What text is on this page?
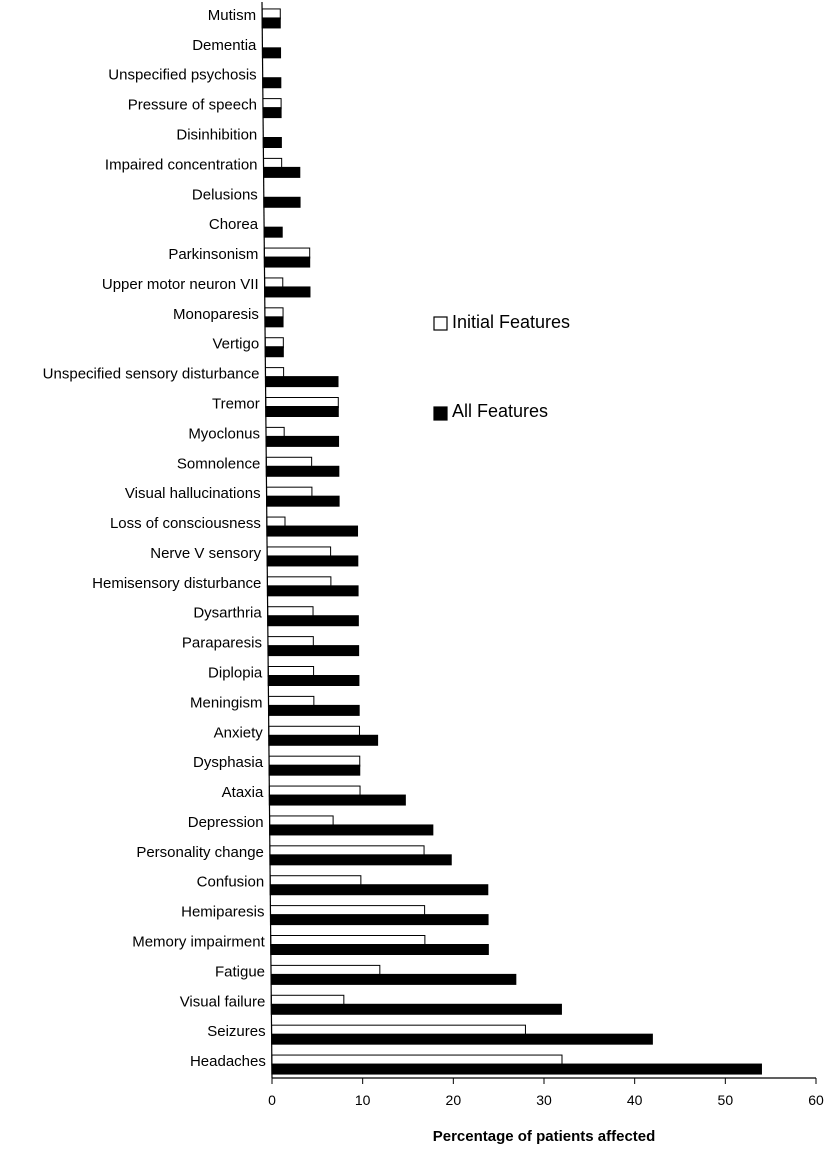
Mutism
Dementia
Unspecified psychosis
Pressure of speech
Disinhibition
Impaired concentration
Delusions
Chorea
Parkinsonism
Upper motor neuron VII
Monoparesis
Vertigo
Unspecified sensory disturbance
Tremor
Myoclonus
Somnolence
Visual hallucinations
Loss of consciousness
Nerve V sensory
Hemisensory disturbance
Dysarthria
Paraparesis
Diplopia
Meningism
Anxiety
Dysphasia
Ataxia
Depression
Personality change
Confusion
Hemiparesis
Memory impairment
Fatigue
Visual failure
Seizures
Headaches
0	10	20	30	40	50	60
Percentage of patients affected
Initial Features
All Features
